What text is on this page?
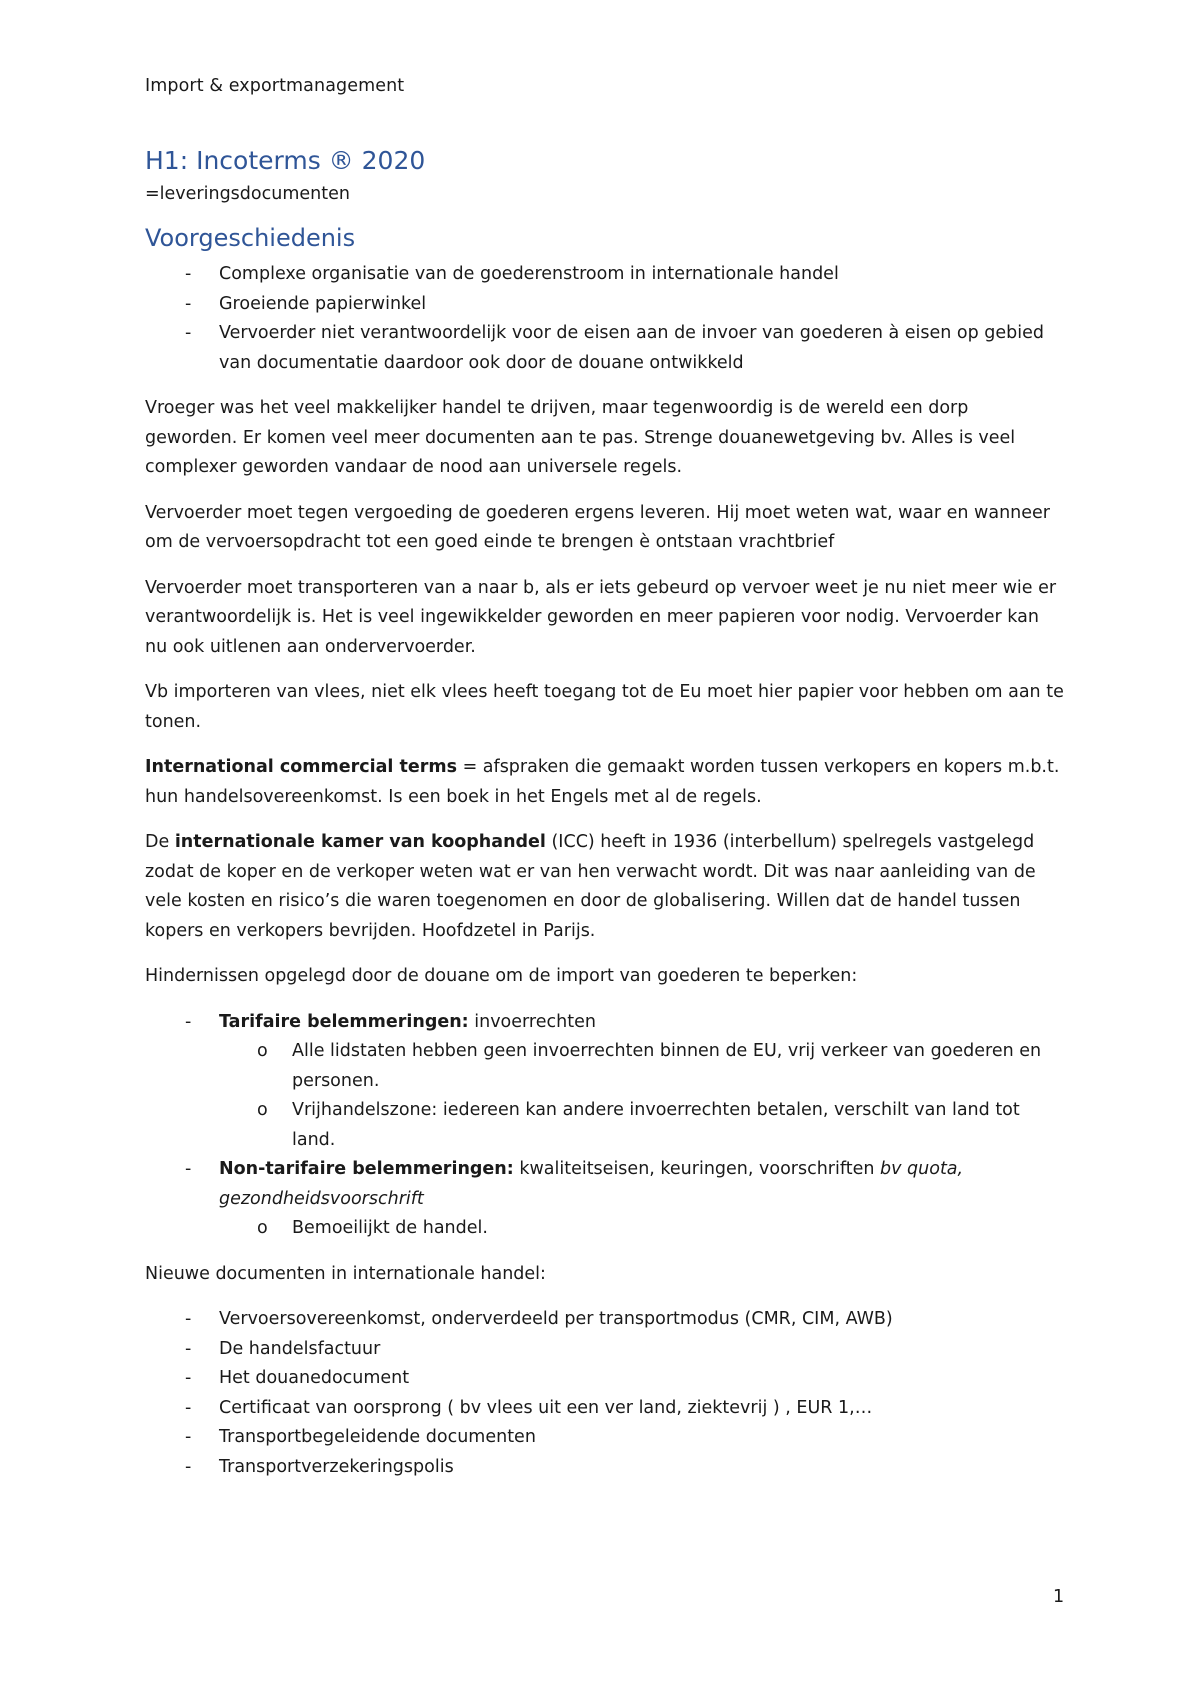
Import & exportmanagement
H1: Incoterms ® 2020
=leveringsdocumenten
Voorgeschiedenis
- Complexe organisatie van de goederenstroom in internationale handel
- Groeiende papierwinkel
- Vervoerder niet verantwoordelijk voor de eisen aan de invoer van goederen à eisen op gebied van documentatie daardoor ook door de douane ontwikkeld

Vroeger was het veel makkelijker handel te drijven, maar tegenwoordig is de wereld een dorp geworden. Er komen veel meer documenten aan te pas. Strenge douanewetgeving bv. Alles is veel complexer geworden vandaar de nood aan universele regels.

Vervoerder moet tegen vergoeding de goederen ergens leveren. Hij moet weten wat, waar en wanneer om de vervoersopdracht tot een goed einde te brengen è ontstaan vrachtbrief

Vervoerder moet transporteren van a naar b, als er iets gebeurd op vervoer weet je nu niet meer wie er verantwoordelijk is. Het is veel ingewikkelder geworden en meer papieren voor nodig. Vervoerder kan nu ook uitlenen aan ondervervoerder.

Vb importeren van vlees, niet elk vlees heeft toegang tot de Eu moet hier papier voor hebben om aan te tonen.

International commercial terms = afspraken die gemaakt worden tussen verkopers en kopers m.b.t. hun handelsovereenkomst. Is een boek in het Engels met al de regels.

De internationale kamer van koophandel (ICC) heeft in 1936 (interbellum) spelregels vastgelegd zodat de koper en de verkoper weten wat er van hen verwacht wordt. Dit was naar aanleiding van de vele kosten en risico’s die waren toegenomen en door de globalisering. Willen dat de handel tussen kopers en verkopers bevrijden. Hoofdzetel in Parijs.

Hindernissen opgelegd door de douane om de import van goederen te beperken:

- Tarifaire belemmeringen: invoerrechten
o Alle lidstaten hebben geen invoerrechten binnen de EU, vrij verkeer van goederen en personen.
o Vrijhandelszone: iedereen kan andere invoerrechten betalen, verschilt van land tot land.
- Non-tarifaire belemmeringen: kwaliteitseisen, keuringen, voorschriften bv quota, gezondheidsvoorschrift
o Bemoeilijkt de handel.

Nieuwe documenten in internationale handel:

- Vervoersovereenkomst, onderverdeeld per transportmodus (CMR, CIM, AWB)
- De handelsfactuur
- Het douanedocument
- Certificaat van oorsprong ( bv vlees uit een ver land, ziektevrij ) , EUR 1,…
- Transportbegeleidende documenten
- Transportverzekeringspolis
1
